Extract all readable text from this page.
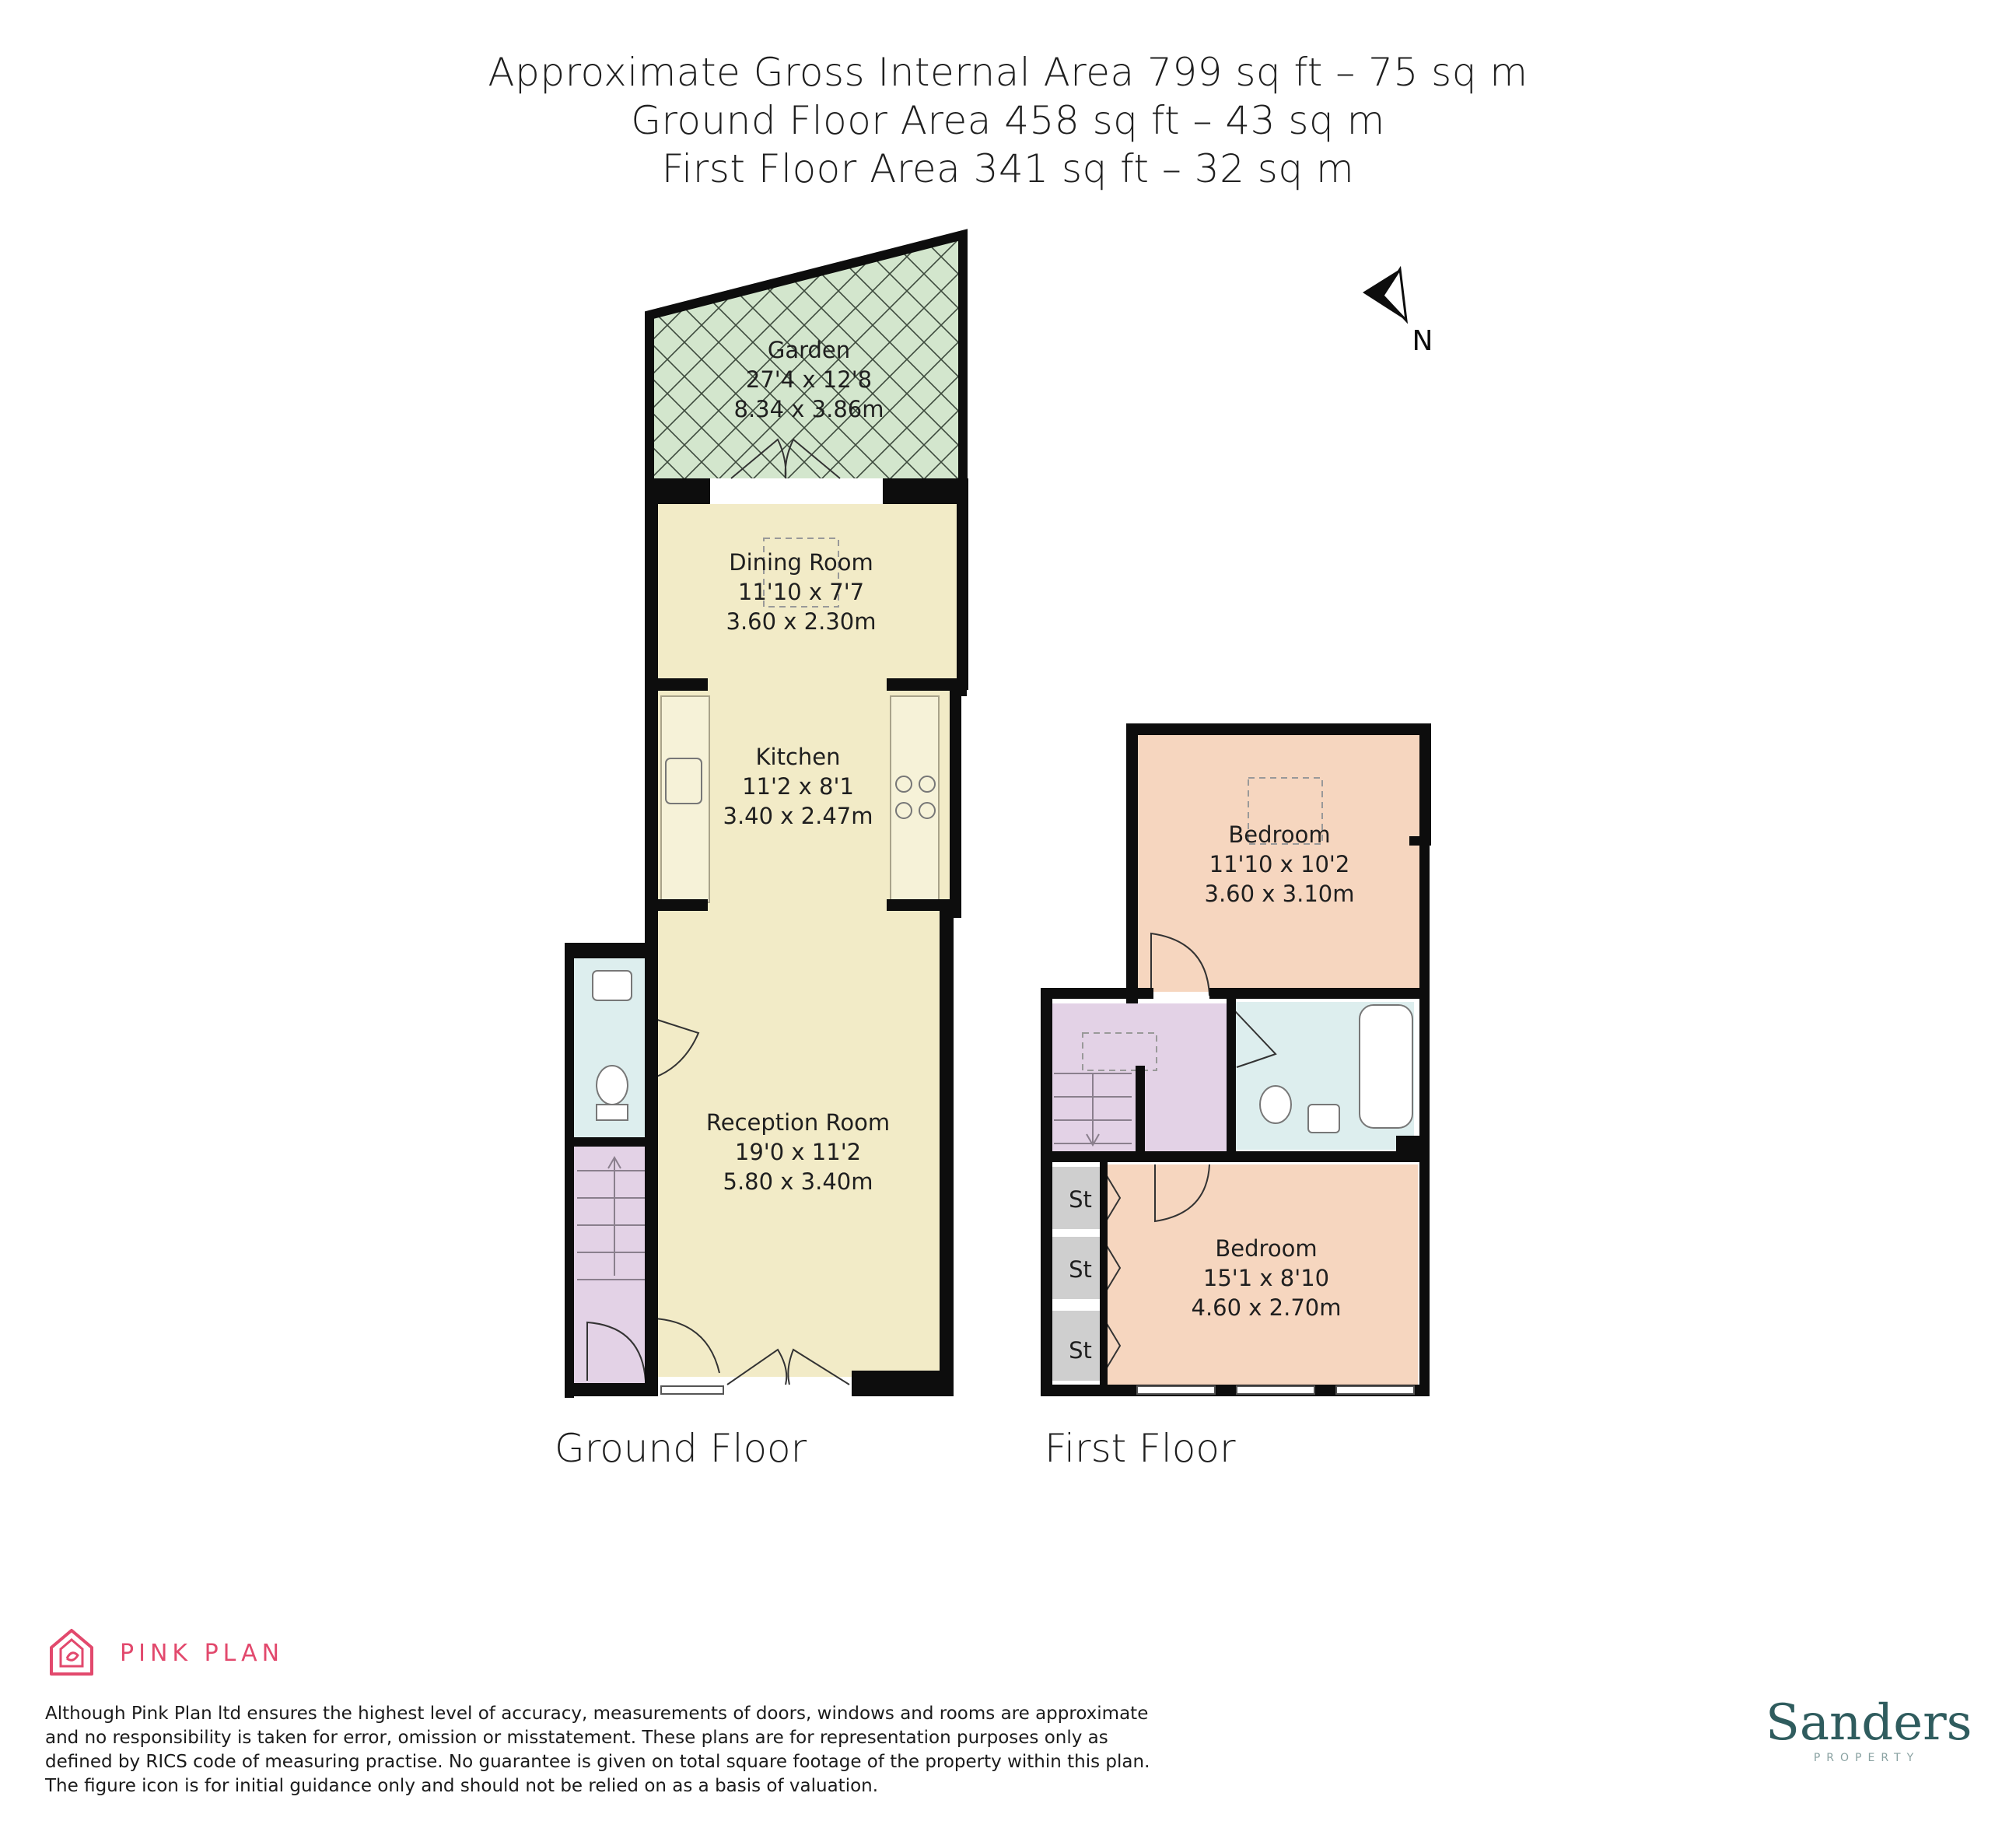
Approximate Gross Internal Area 799 sq ft – 75 sq m
Ground Floor Area 458 sq ft – 43 sq m
First Floor Area 341 sq ft – 32 sq m
Garden
27'4 x 12'8
8.34 x 3.86m
Dining Room
11'10 x 7'7
3.60 x 2.30m
Kitchen
11'2 x 8'1
3.40 x 2.47m
Reception Room
19'0 x 11'2
5.80 x 3.40m
Bedroom
11'10 x 10'2
3.60 x 3.10m
Bedroom
15'1 x 8'10
4.60 x 2.70m
St
St
St
N
Ground Floor	First Floor
PINK PLAN
Although Pink Plan ltd ensures the highest level of accuracy, measurements of doors, windows and rooms are approximate and no responsibility is taken for error, omission or misstatement. These plans are for representation purposes only as defined by RICS code of measuring practise. No guarantee is given on total square footage of the property within this plan. The figure icon is for initial guidance only and should not be relied on as a basis of valuation.
Sanders
PROPERTY
